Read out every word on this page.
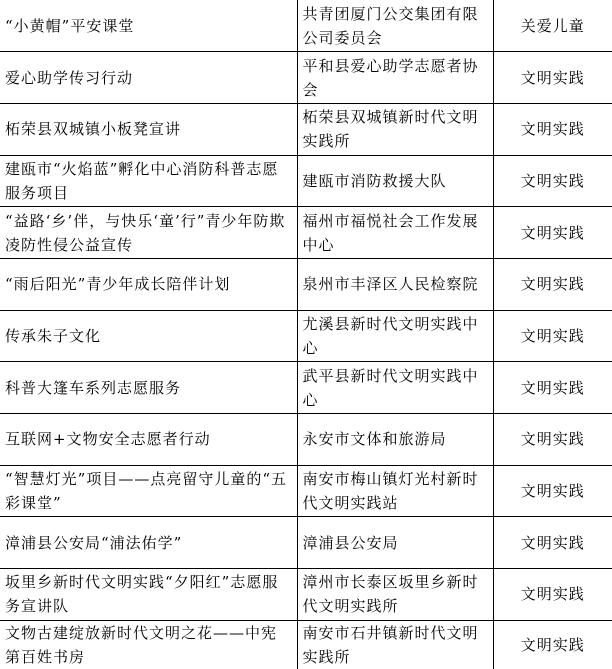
“小黄帽”平安课堂	共青团厦门公交集团有限公司委员会	关爱儿童
爱心助学传习行动	平和县爱心助学志愿者协会	文明实践
柘荣县双城镇小板凳宣讲	柘荣县双城镇新时代文明实践所	文明实践
建瓯市“火焰蓝”孵化中心消防科普志愿服务项目	建瓯市消防救援大队	文明实践
“益路‘乡’伴，与快乐‘童’行”青少年防欺凌防性侵公益宣传	福州市福悦社会工作发展中心	文明实践
“雨后阳光”青少年成长陪伴计划	泉州市丰泽区人民检察院	文明实践
传承朱子文化	尤溪县新时代文明实践中心	文明实践
科普大篷车系列志愿服务	武平县新时代文明实践中心	文明实践
互联网+文物安全志愿者行动	永安市文体和旅游局	文明实践
“智慧灯光”项目——点亮留守儿童的“五彩课堂”	南安市梅山镇灯光村新时代文明实践站	文明实践
漳浦县公安局“浦法佑学”	漳浦县公安局	文明实践
坂里乡新时代文明实践“夕阳红”志愿服务宣讲队	漳州市长泰区坂里乡新时代文明实践所	文明实践
文物古建绽放新时代文明之花——中宪第百姓书房	南安市石井镇新时代文明实践所	文明实践
